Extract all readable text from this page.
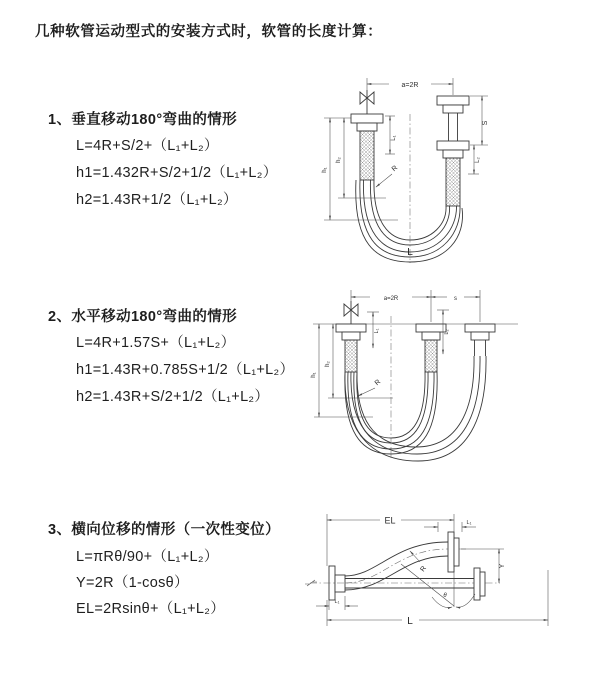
几种软管运动型式的安装方式时，软管的长度计算：
1、垂直移动180°弯曲的情形
L=4R+S/2+（L₁+L₂）
h1=1.432R+S/2+1/2（L₁+L₂）
h2=1.43R+1/2（L₁+L₂）
2、水平移动180°弯曲的情形
L=4R+1.57S+（L₁+L₂）
h1=1.43R+0.785S+1/2（L₁+L₂）
h2=1.43R+S/2+1/2（L₁+L₂）
3、横向位移的情形（一次性变位）
L=πRθ/90+（L₁+L₂）
Y=2R（1-cosθ）
EL=2Rsinθ+（L₁+L₂）
a=2R
L₁
S
L₂
h₂
h₁	R
L
a=2R	s
L₁	L₂
h₂
h₁
R
EL	L₁
R
θ
Y
L₁
L
